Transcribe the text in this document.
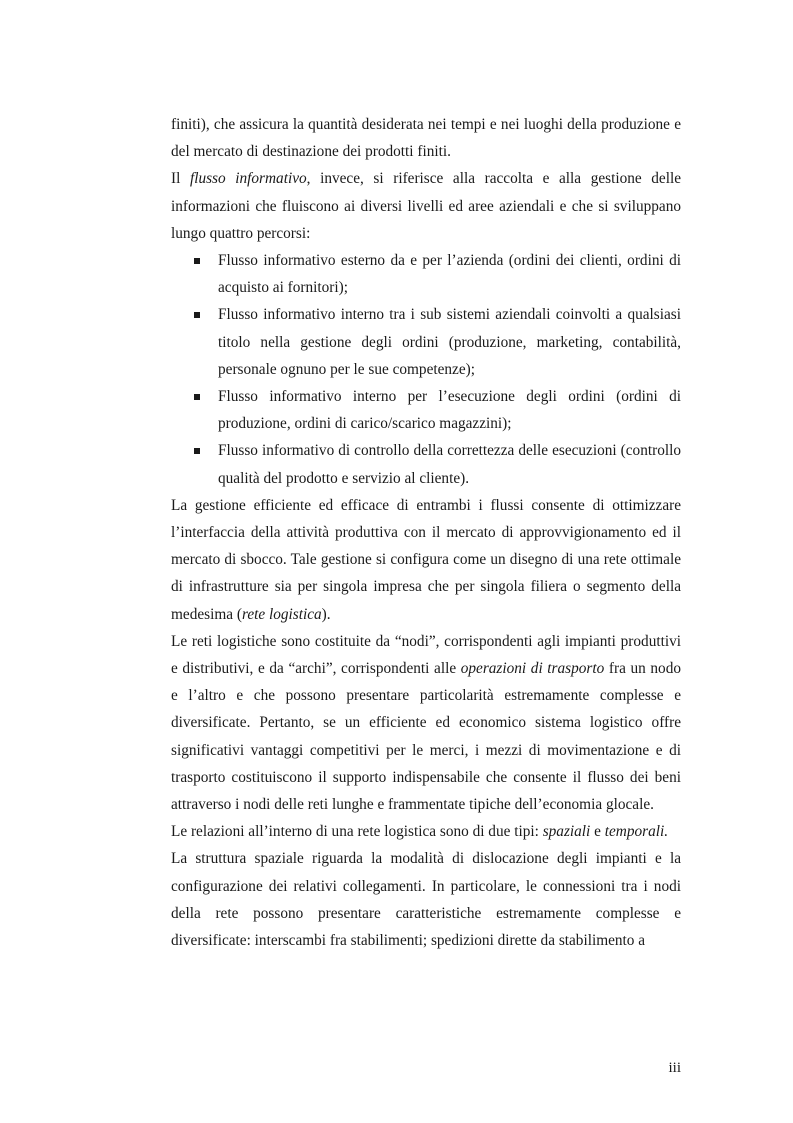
finiti), che assicura la quantità desiderata nei tempi e nei luoghi della produzione e del mercato di destinazione dei prodotti finiti.

Il flusso informativo, invece, si riferisce alla raccolta e alla gestione delle informazioni che fluiscono ai diversi livelli ed aree aziendali e che si sviluppano lungo quattro percorsi:

Flusso informativo esterno da e per l’azienda (ordini dei clienti, ordini di acquisto ai fornitori);
Flusso informativo interno tra i sub sistemi aziendali coinvolti a qualsiasi titolo nella gestione degli ordini (produzione, marketing, contabilità, personale ognuno per le sue competenze);
Flusso informativo interno per l’esecuzione degli ordini (ordini di produzione, ordini di carico/scarico magazzini);
Flusso informativo di controllo della correttezza delle esecuzioni (controllo qualità del prodotto e servizio al cliente).

La gestione efficiente ed efficace di entrambi i flussi consente di ottimizzare l’interfaccia della attività produttiva con il mercato di approvvigionamento ed il mercato di sbocco. Tale gestione si configura come un disegno di una rete ottimale di infrastrutture sia per singola impresa che per singola filiera o segmento della medesima (rete logistica).

Le reti logistiche sono costituite da “nodi”, corrispondenti agli impianti produttivi e distributivi, e da “archi”, corrispondenti alle operazioni di trasporto fra un nodo e l’altro e che possono presentare particolarità estremamente complesse e diversificate. Pertanto, se un efficiente ed economico sistema logistico offre significativi vantaggi competitivi per le merci, i mezzi di movimentazione e di trasporto costituiscono il supporto indispensabile che consente il flusso dei beni attraverso i nodi delle reti lunghe e frammentate tipiche dell’economia glocale.

Le relazioni all’interno di una rete logistica sono di due tipi: spaziali e temporali.

La struttura spaziale riguarda la modalità di dislocazione degli impianti e la configurazione dei relativi collegamenti. In particolare, le connessioni tra i nodi della rete possono presentare caratteristiche estremamente complesse e diversificate: interscambi fra stabilimenti; spedizioni dirette da stabilimento a

iii
